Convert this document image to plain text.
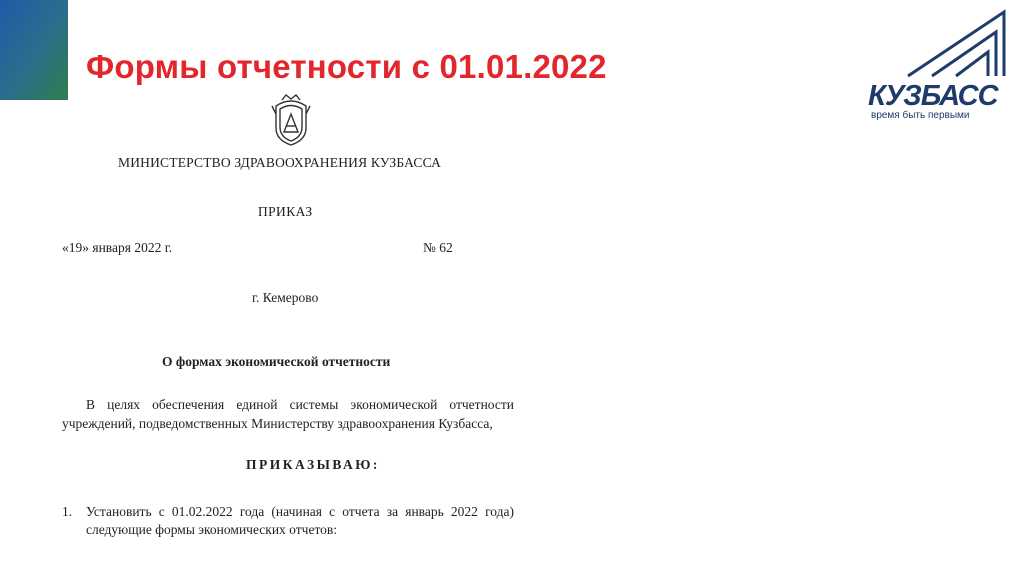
Формы отчетности с 01.01.2022
КУЗБАСС
время быть первыми
МИНИСТЕРСТВО ЗДРАВООХРАНЕНИЯ КУЗБАССА
ПРИКАЗ
«19» января 2022 г.	№ 62
г. Кемерово
О формах экономической отчетности
В целях обеспечения единой системы экономической отчетности
учреждений, подведомственных Министерству здравоохранения Кузбасса,
ПРИКАЗЫВАЮ:
1. Установить с 01.02.2022 года (начиная с отчета за январь 2022 года)
следующие формы экономических отчетов:
